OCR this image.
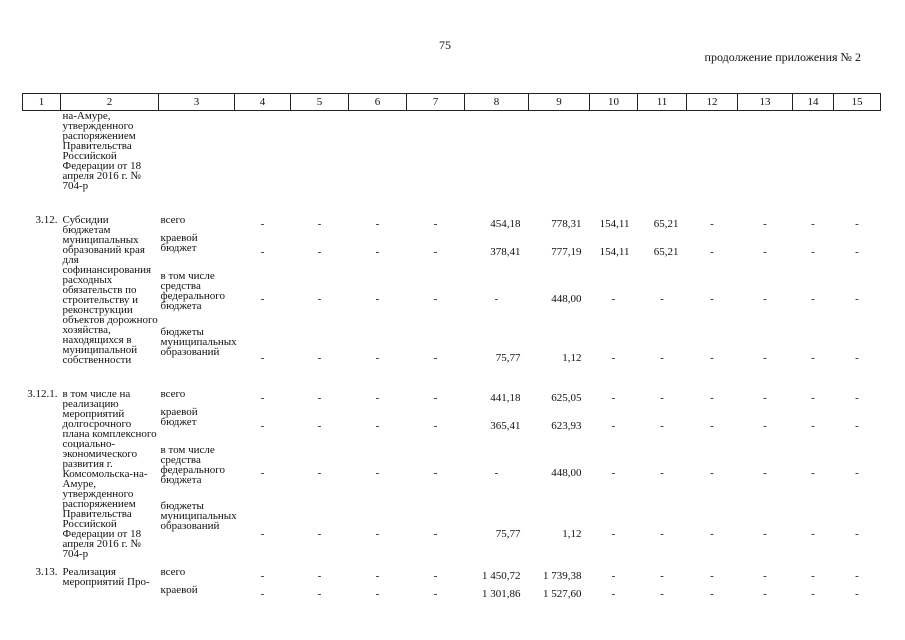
75
продолжение приложения № 2
1	2	3	4	5	6	7	8	9	10	11	12	13	14	15
	на-Амуре, утвержденного распоряжением Правительства Российской Федерации от 18 апреля 2016 г. № 704-р													
3.12.	Субсидии бюджетам муниципальных образований края для софинансирования расходных обязательств по строительству и реконструкции объектов дорожного хозяйства, находящихся в муниципальной собственности	всего	-	-	-	-	454,18	778,31	154,11	65,21	-	-	-	-
		краевой бюджет	-	-	-	-	378,41	777,19	154,11	65,21	-	-	-	-
		в том числе средства федерального бюджета	-	-	-	-	-	448,00	-	-	-	-	-	-
		бюджеты муниципальных образований	-	-	-	-	75,77	1,12	-	-	-	-	-	-
3.12.1.	в том числе на реализацию мероприятий долгосрочного плана комплексного социально-экономического развития г. Комсомольска-на-Амуре, утвержденного распоряжением Правительства Российской Федерации от 18 апреля 2016 г. № 704-р	всего	-	-	-	-	441,18	625,05	-	-	-	-	-	-
		краевой бюджет	-	-	-	-	365,41	623,93	-	-	-	-	-	-
		в том числе средства федерального бюджета	-	-	-	-	-	448,00	-	-	-	-	-	-
		бюджеты муниципальных образований	-	-	-	-	75,77	1,12	-	-	-	-	-	-
3.13.	Реализация мероприятий Про-	всего	-	-	-	-	1 450,72	1 739,38	-	-	-	-	-	-
		краевой	-	-	-	-	1 301,86	1 527,60	-	-	-	-	-	-
